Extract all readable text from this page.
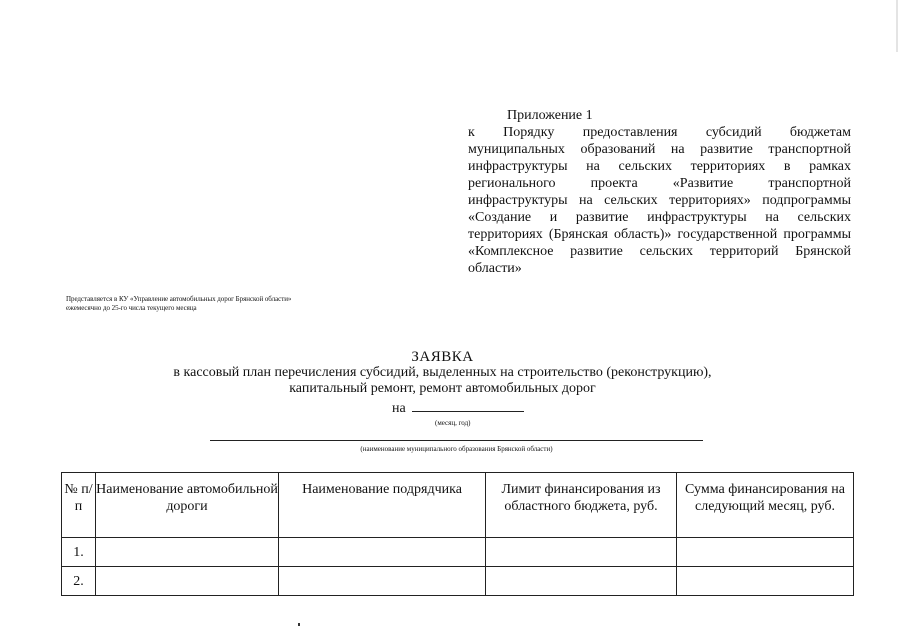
Приложение 1
к Порядку предоставления субсидий бюджетам муниципальных образований на развитие транспортной инфраструктуры на сельских территориях в рамках регионального проекта «Развитие транспортной инфраструктуры на сельских территориях» подпрограммы «Создание и развитие инфраструктуры на сельских территориях (Брянская область)» государственной программы «Комплексное развитие сельских территорий Брянской области»
Представляется в КУ «Управление автомобильных дорог Брянской области»
ежемесячно до 25-го числа текущего месяца
ЗАЯВКА
в кассовый план перечисления субсидий, выделенных на строительство (реконструкцию),
капитальный ремонт, ремонт автомобильных дорог
на
(месяц, год)
(наименование муниципального образования Брянской области)
№ п/п	Наименование автомобильной дороги	Наименование подрядчика	Лимит финансирования из областного бюджета, руб.	Сумма финансирования на следующий месяц, руб.
1.				
2.				
